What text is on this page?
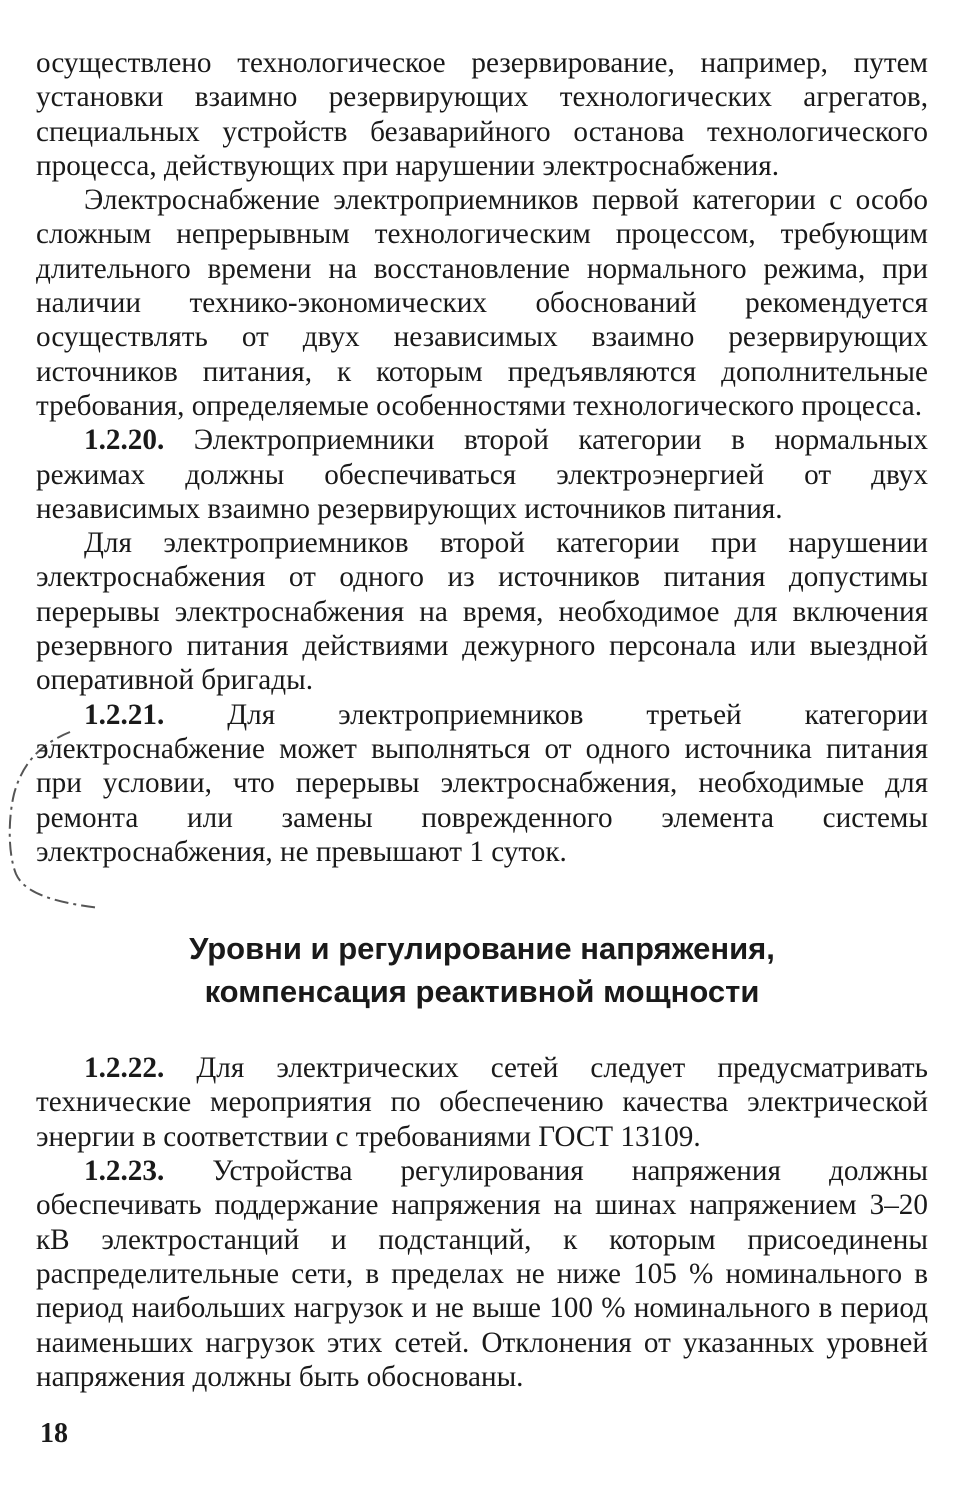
осуществлено технологическое резервирование, например, путем установки взаимно резервирующих технологических агрегатов, специальных устройств безаварийного останова технологического процесса, действующих при нарушении электроснабжения.

Электроснабжение электроприемников первой категории с особо сложным непрерывным технологическим процессом, требующим длительного времени на восстановление нормального режима, при наличии технико-экономических обоснований рекомендуется осуществлять от двух независимых взаимно резервирующих источников питания, к которым предъявляются дополнительные требования, определяемые особенностями технологического процесса.

1.2.20. Электроприемники второй категории в нормальных режимах должны обеспечиваться электроэнергией от двух независимых взаимно резервирующих источников питания.

Для электроприемников второй категории при нарушении электроснабжения от одного из источников питания допустимы перерывы электроснабжения на время, необходимое для включения резервного питания действиями дежурного персонала или выездной оперативной бригады.

1.2.21. Для электроприемников третьей категории электроснабжение может выполняться от одного источника питания при условии, что перерывы электроснабжения, необходимые для ремонта или замены поврежденного элемента системы электроснабжения, не превышают 1 суток.

Уровни и регулирование напряжения,
компенсация реактивной мощности

1.2.22. Для электрических сетей следует предусматривать технические мероприятия по обеспечению качества электрической энергии в соответствии с требованиями ГОСТ 13109.

1.2.23. Устройства регулирования напряжения должны обеспечивать поддержание напряжения на шинах напряжением 3–20 кВ электростанций и подстанций, к которым присоединены распределительные сети, в пределах не ниже 105 % номинального в период наибольших нагрузок и не выше 100 % номинального в период наименьших нагрузок этих сетей. Отклонения от указанных уровней напряжения должны быть обоснованы.

18
